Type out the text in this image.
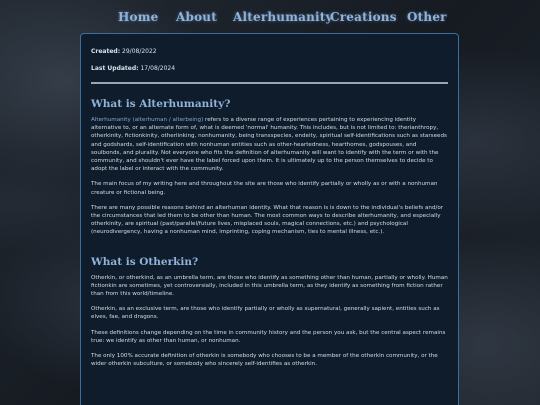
Home About Alterhumanity
Creations Other
Created: 29/08/2022
Last Updated: 17/08/2024
What is Alterhumanity?

Alterhumanity (alterhuman / alterbeing) refers to a diverse range of experiences pertaining to experiencing identity alternative to, or an alternate form of, what is deemed 'normal' humanity. This includes, but is not limited to: therianthropy, otherkinity, fictionkinity, otherlinking, nonhumanity, being transspecies, endeity, spiritual self-identifications such as starseeds and godshards, self-identification with nonhuman entities such as other-heartedness, hearthomes, godspouses, and soulbonds, and plurality. Not everyone who fits the definition of alterhumanity will want to identify with the term or with the community, and shouldn't ever have the label forced upon them. It is ultimately up to the person themselves to decide to adopt the label or interact with the community.

The main focus of my writing here and throughout the site are those who identify partially or wholly as or with a nonhuman creature or fictional being.

There are many possible reasons behind an alterhuman identity. What that reason is is down to the individual's beliefs and/or the circumstances that led them to be other than human. The most common ways to describe alterhumanity, and especially otherkinity, are spiritual (past/parallel/future lives, misplaced souls, magical connections, etc.) and psychological (neurodivergency, having a nonhuman mind, imprinting, coping mechanism, ties to mental illness, etc.).

What is Otherkin?

Otherkin, or otherkind, as an umbrella term, are those who identify as something other than human, partially or wholly. Human fictionkin are sometimes, yet controversially, included in this umbrella term, as they identify as something from fiction rather than from this world/timeline.

Otherkin, as an exclusive term, are those who identify partially or wholly as supernatural, generally sapient, entities such as elves, fae, and dragons.

These definitions change depending on the time in community history and the person you ask, but the central aspect remains true: we identify as other than human, or nonhuman.

The only 100% accurate definition of otherkin is somebody who chooses to be a member of the otherkin community, or the wider otherkin subculture, or somebody who sincerely self-identifies as otherkin.
